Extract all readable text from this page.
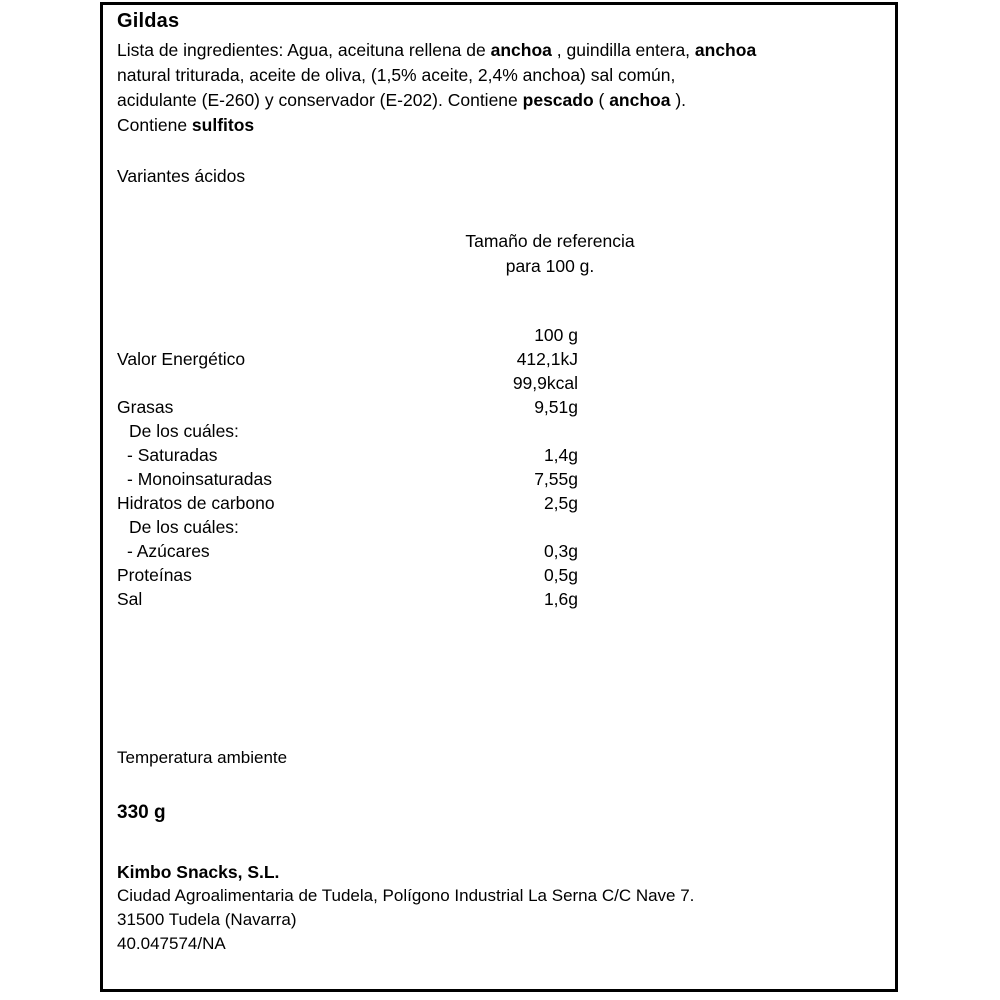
Gildas
Lista de ingredientes: Agua, aceituna rellena de anchoa , guindilla entera, anchoa
natural triturada, aceite de oliva, (1,5% aceite, 2,4% anchoa) sal común,
acidulante (E-260) y conservador (E-202). Contiene pescado ( anchoa ).
Contiene sulfitos
Variantes ácidos
Tamaño de referencia
para 100 g.
100 g
Valor Energético	412,1kJ
99,9kcal
Grasas	9,51g
De los cuáles:
- Saturadas	1,4g
- Monoinsaturadas	7,55g
Hidratos de carbono	2,5g
De los cuáles:
- Azúcares	0,3g
Proteínas	0,5g
Sal	1,6g
Temperatura ambiente
330 g
Kimbo Snacks, S.L.
Ciudad Agroalimentaria de Tudela, Polígono Industrial La Serna C/C Nave 7.
31500 Tudela (Navarra)
40.047574/NA
